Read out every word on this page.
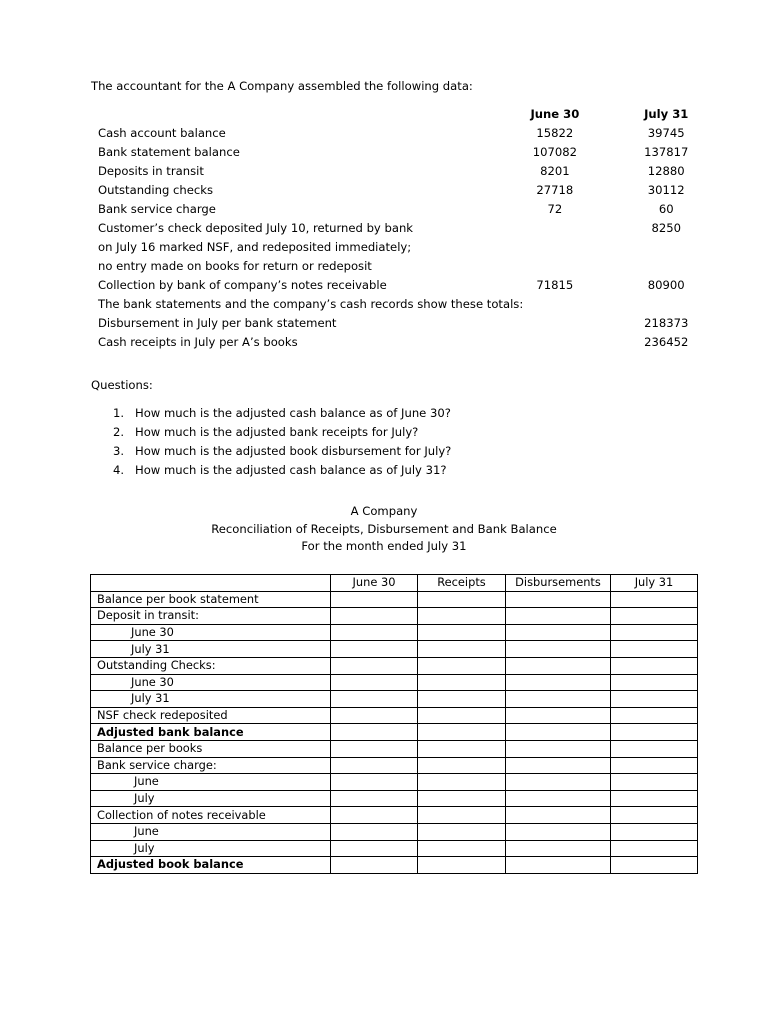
The accountant for the A Company assembled the following data:
	June 30	July 31
Cash account balance	15822	39745
Bank statement balance	107082	137817
Deposits in transit	8201	12880
Outstanding checks	27718	30112
Bank service charge	72	60
Customer’s check deposited July 10, returned by bank		8250
on July 16 marked NSF, and redeposited immediately;		
no entry made on books for return or redeposit		
Collection by bank of company’s notes receivable	71815	80900
The bank statements and the company’s cash records show these totals:		
Disbursement in July per bank statement		218373
Cash receipts in July per A’s books		236452
Questions:
1. How much is the adjusted cash balance as of June 30?
2. How much is the adjusted bank receipts for July?
3. How much is the adjusted book disbursement for July?
4. How much is the adjusted cash balance as of July 31?
A Company
Reconciliation of Receipts, Disbursement and Bank Balance
For the month ended July 31
	June 30	Receipts	Disbursements	July 31
Balance per book statement				
Deposit in transit:				
June 30				
July 31				
Outstanding Checks:				
June 30				
July 31				
NSF check redeposited				
Adjusted bank balance				
Balance per books				
Bank service charge:				
June				
July				
Collection of notes receivable				
June				
July				
Adjusted book balance				
